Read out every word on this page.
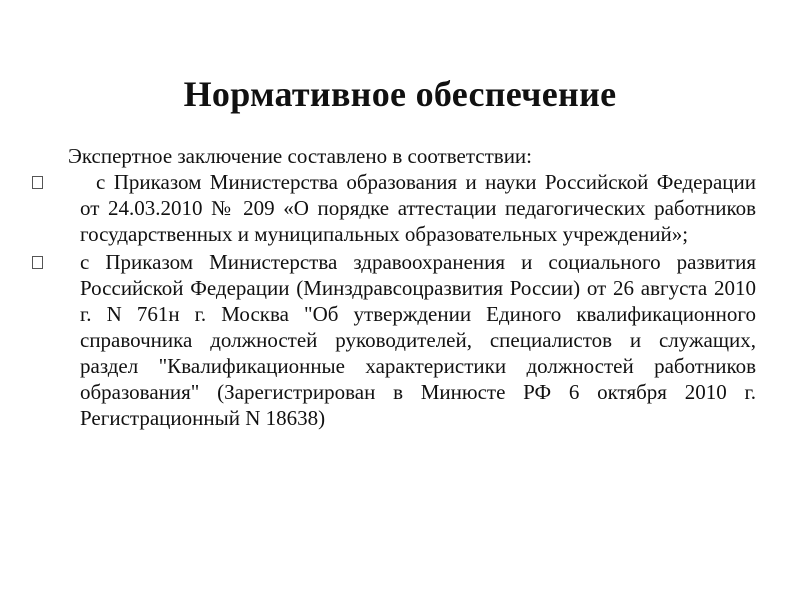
Нормативное обеспечение

Экспертное заключение составлено в соответствии:

с Приказом Министерства образования и науки Российской Федерации от 24.03.2010 № 209 «О порядке аттестации педагогических работников государственных и муниципальных образовательных учреждений»;
с Приказом Министерства здравоохранения и социального развития Российской Федерации (Минздравсоцразвития России) от 26 августа 2010 г. N 761н г. Москва "Об утверждении Единого квалификационного справочника должностей руководителей, специалистов и служащих, раздел "Квалификационные характеристики должностей работников образования" (Зарегистрирован в Минюсте РФ 6 октября 2010 г. Регистрационный N 18638)
